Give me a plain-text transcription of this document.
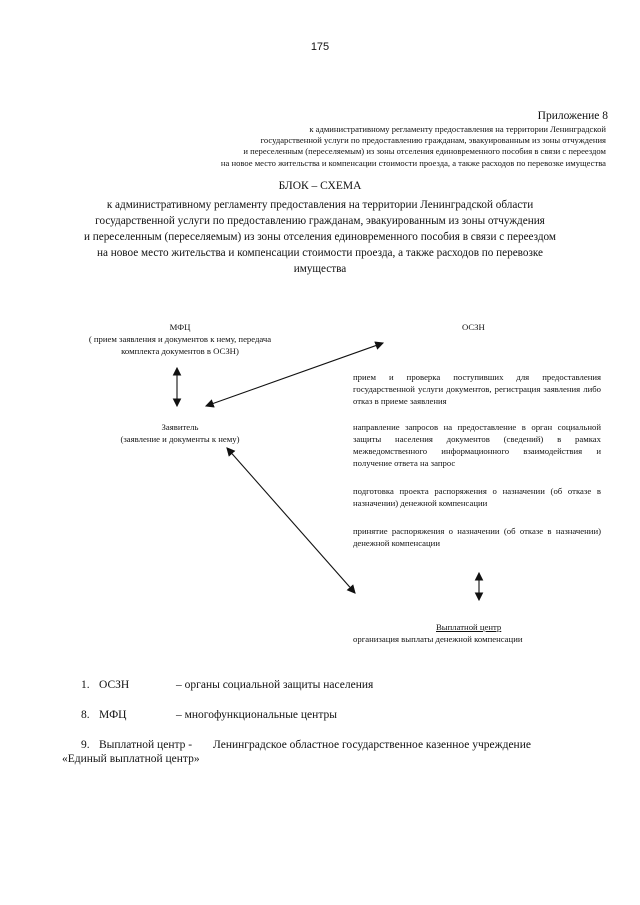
175
Приложение 8
к административному регламенту предоставления на территории Ленинградской
государственной услуги по предоставлению гражданам, эвакуированным из зоны отчуждения
и переселенным (переселяемым) из зоны отселения единовременного пособия в связи с переездом
на новое место жительства и компенсации стоимости проезда, а также расходов по перевозке имущества
БЛОК – СХЕМА
к административному регламенту предоставления на территории Ленинградской области
государственной услуги по предоставлению гражданам, эвакуированным из зоны отчуждения
и переселенным (переселяемым) из зоны отселения единовременного пособия в связи с переездом
на новое место жительства и компенсации стоимости проезда, а также расходов по перевозке
имущества
МФЦ
( прием заявления и документов к нему, передача
комплекта документов в ОСЗН)
ОСЗН
Заявитель
(заявление и документы к нему)
прием и проверка поступивших для предоставления государственной услуги документов, регистрация заявления либо отказ в приеме заявления
направление запросов на предоставление в орган социальной защиты населения документов (сведений) в рамках межведомственного информационного взаимодействия и получение ответа на запрос
подготовка проекта распоряжения о назначении (об отказе в назначении) денежной компенсации
принятие распоряжения о назначении (об отказе в назначении) денежной компенсации
Выплатной центр
организация выплаты денежной компенсации
1. ОСЗН	– органы социальной защиты населения
8. МФЦ	– многофункциональные центры
9. Выплатной центр - Ленинградское областное государственное казенное учреждение
«Единый выплатной центр»
